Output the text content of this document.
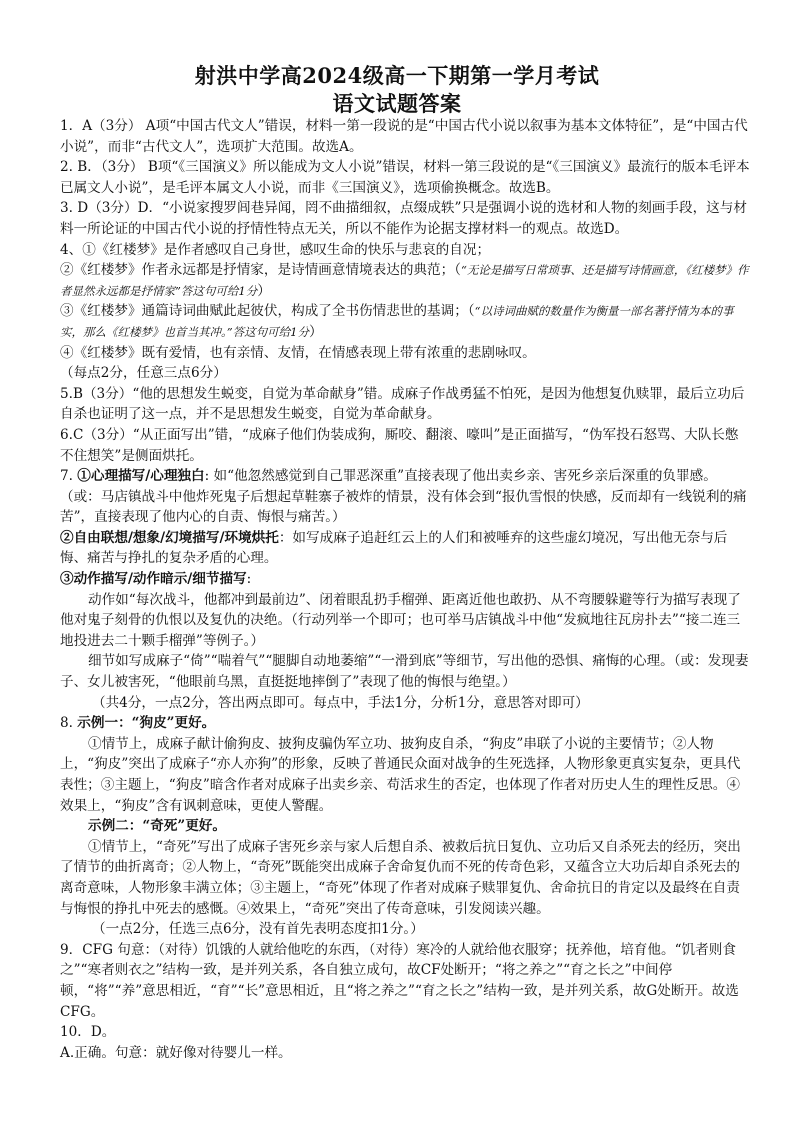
射洪中学高2024级高一下期第一学月考试
语文试题答案

1．A（3分） A项“中国古代文人”错误，材料一第一段说的是“中国古代小说以叙事为基本文体特征”，是“中国古代小说”，而非“古代文人”，选项扩大范围。故选A。

2. B．（3分） B项“《三国演义》所以能成为文人小说”错误，材料一第三段说的是“《三国演义》最流行的版本毛评本已属文人小说”，是毛评本属文人小说，而非《三国演义》，选项偷换概念。故选B。

3. D（3分）D．“小说家搜罗闾巷异闻，罔不曲描细叙，点缀成轶”只是强调小说的选材和人物的刻画手段，这与材料一所论证的中国古代小说的抒情性特点无关，所以不能作为论据支撑材料一的观点。故选D。

4、①《红楼梦》是作者感叹自己身世，感叹生命的快乐与悲哀的自况；

②《红楼梦》作者永远都是抒情家，是诗情画意情境表达的典范；（“无论是描写日常琐事、还是描写诗情画意，《红楼梦》作者显然永远都是抒情家”答这句可给1分）

③《红楼梦》通篇诗词曲赋此起彼伏，构成了全书伤情悲世的基调；（“以诗词曲赋的数量作为衡量一部名著抒情为本的事实，那么《红楼梦》也首当其冲。”答这句可给1分）

④《红楼梦》既有爱情，也有亲情、友情，在情感表现上带有浓重的悲剧咏叹。

（每点2分，任意三点6分）

5.B（3分）“他的思想发生蜕变，自觉为革命献身”错。成麻子作战勇猛不怕死，是因为他想复仇赎罪，最后立功后自杀也证明了这一点，并不是思想发生蜕变，自觉为革命献身。

6.C（3分）“从正面写出”错，“成麻子他们伪装成狗，厮咬、翻滚、嚎叫”是正面描写，“伪军投石怒骂、大队长憋不住想笑”是侧面烘托。

7. ①心理描写/心理独白: 如“他忽然感觉到自己罪恶深重”直接表现了他出卖乡亲、害死乡亲后深重的负罪感。（或：马店镇战斗中他炸死鬼子后想起草鞋寨子被炸的情景，没有体会到“报仇雪恨的快感，反而却有一线锐利的痛苦”，直接表现了他内心的自责、悔恨与痛苦。）

②自由联想/想象/幻境描写/环境烘托：如写成麻子追赶红云上的人们和被唾弃的这些虚幻境况，写出他无奈与后悔、痛苦与挣扎的复杂矛盾的心理。

③动作描写/动作暗示/细节描写:

动作如“每次战斗，他都冲到最前边”、闭着眼乱扔手榴弹、距离近他也敢扔、从不弯腰躲避等行为描写表现了他对鬼子刻骨的仇恨以及复仇的决绝。（行动列举一个即可；也可举马店镇战斗中他“发疯地往瓦房扑去”“接二连三地投进去二十颗手榴弹”等例子。）

细节如写成麻子“倚”“喘着气”“腿脚自动地萎缩”“一滑到底”等细节，写出他的恐惧、痛悔的心理。（或：发现妻子、女儿被害死，“他眼前乌黑，直挺挺地摔倒了”表现了他的悔恨与绝望。）

（共4分，一点2分，答出两点即可。每点中，手法1分，分析1分，意思答对即可）

8. 示例一：“狗皮”更好。

①情节上，成麻子献计偷狗皮、披狗皮骗伪军立功、披狗皮自杀，“狗皮”串联了小说的主要情节；②人物上，“狗皮”突出了成麻子“亦人亦狗”的形象，反映了普通民众面对战争的生死选择，人物形象更真实复杂，更具代表性；③主题上，“狗皮”暗含作者对成麻子出卖乡亲、苟活求生的否定，也体现了作者对历史人生的理性反思。④效果上，“狗皮”含有讽刺意味，更使人警醒。

示例二：“奇死”更好。

①情节上，“奇死”写出了成麻子害死乡亲与家人后想自杀、被救后抗日复仇、立功后又自杀死去的经历，突出了情节的曲折离奇；②人物上，“奇死”既能突出成麻子舍命复仇而不死的传奇色彩，又蕴含立大功后却自杀死去的离奇意味，人物形象丰满立体；③主题上，“奇死”体现了作者对成麻子赎罪复仇、舍命抗日的肯定以及最终在自责与悔恨的挣扎中死去的感慨。④效果上，“奇死”突出了传奇意味，引发阅读兴趣。

（一点2分，任选三点6分，没有首先表明态度扣1分。）

9．CFG 句意：（对待）饥饿的人就给他吃的东西，（对待）寒冷的人就给他衣服穿；抚养他，培育他。“饥者则食之”“寒者则衣之”结构一致，是并列关系，各自独立成句，故CF处断开；“将之养之”“育之长之”中间停顿，“将”“养”意思相近，“育”“长”意思相近，且“将之养之”“育之长之”结构一致，是并列关系，故G处断开。故选CFG。

10．D。

A.正确。句意：就好像对待婴儿一样。
